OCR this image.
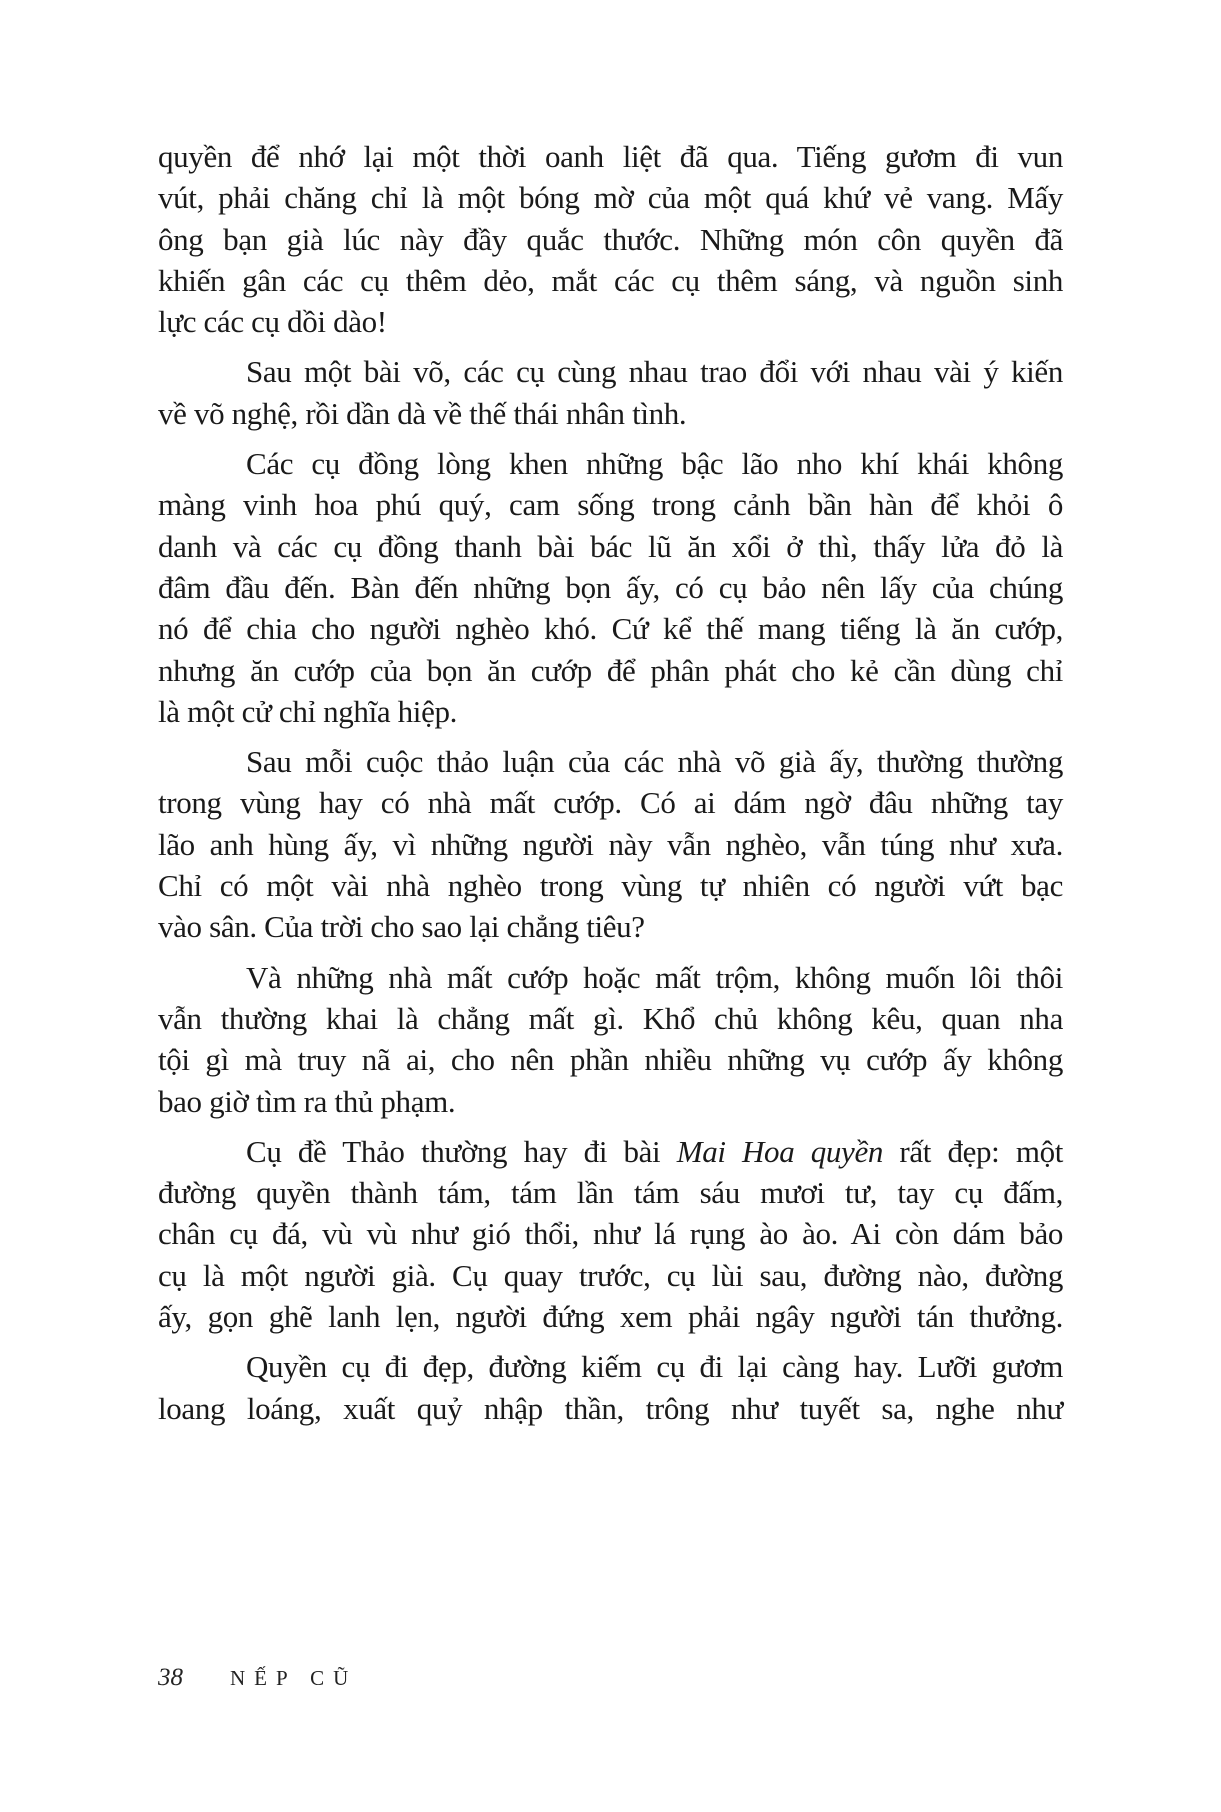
quyền để nhớ lại một thời oanh liệt đã qua. Tiếng gươm đi vun
vút, phải chăng chỉ là một bóng mờ của một quá khứ vẻ vang. Mấy
ông bạn già lúc này đầy quắc thước. Những món côn quyền đã
khiến gân các cụ thêm dẻo, mắt các cụ thêm sáng, và nguồn sinh
lực các cụ dồi dào!

Sau một bài võ, các cụ cùng nhau trao đổi với nhau vài ý kiến
về võ nghệ, rồi dần dà về thế thái nhân tình.

Các cụ đồng lòng khen những bậc lão nho khí khái không
màng vinh hoa phú quý, cam sống trong cảnh bần hàn để khỏi ô
danh và các cụ đồng thanh bài bác lũ ăn xổi ở thì, thấy lửa đỏ là
đâm đầu đến. Bàn đến những bọn ấy, có cụ bảo nên lấy của chúng
nó để chia cho người nghèo khó. Cứ kể thế mang tiếng là ăn cướp,
nhưng ăn cướp của bọn ăn cướp để phân phát cho kẻ cần dùng chỉ
là một cử chỉ nghĩa hiệp.

Sau mỗi cuộc thảo luận của các nhà võ già ấy, thường thường
trong vùng hay có nhà mất cướp. Có ai dám ngờ đâu những tay
lão anh hùng ấy, vì những người này vẫn nghèo, vẫn túng như xưa.
Chỉ có một vài nhà nghèo trong vùng tự nhiên có người vứt bạc
vào sân. Của trời cho sao lại chẳng tiêu?

Và những nhà mất cướp hoặc mất trộm, không muốn lôi thôi
vẫn thường khai là chẳng mất gì. Khổ chủ không kêu, quan nha
tội gì mà truy nã ai, cho nên phần nhiều những vụ cướp ấy không
bao giờ tìm ra thủ phạm.

Cụ đề Thảo thường hay đi bài Mai Hoa quyền rất đẹp: một
đường quyền thành tám, tám lần tám sáu mươi tư, tay cụ đấm,
chân cụ đá, vù vù như gió thổi, như lá rụng ào ào. Ai còn dám bảo
cụ là một người già. Cụ quay trước, cụ lùi sau, đường nào, đường
ấy, gọn ghẽ lanh lẹn, người đứng xem phải ngây người tán thưởng.

Quyền cụ đi đẹp, đường kiếm cụ đi lại càng hay. Lưỡi gươm
loang loáng, xuất quỷ nhập thần, trông như tuyết sa, nghe như

38	NẾP CŨ
